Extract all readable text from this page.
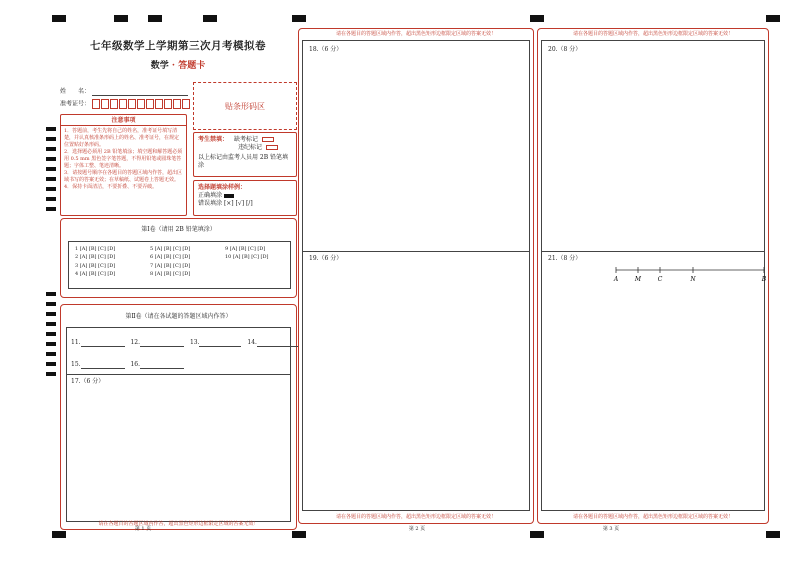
七年级数学上学期第三次月考模拟卷
数学 · 答题卡
姓　　名：
准考证号：	贴条形码区
注意事项
1．答题前，考生先将自己的姓名，准考证号填写清楚，并认真核准条形码上的姓名、准考证号，在规定位置贴好条形码。
2．选择题必须用 2B 铅笔填涂；填空题和解答题必须用 0.5 mm 黑色签字笔答题，不得用铅笔或圆珠笔答题；字体工整、笔迹清晰。
3．请按题号顺序在各题目的答题区域内作答，超出区域书写的答案无效；在草稿纸、试题卷上答题无效。
4．保持卡面清洁，不要折叠、不要弄破。
考生禁填： 缺考标记
违纪标记
以上标记由监考人员用 2B 铅笔填涂
选择题填涂样例：
正确填涂
错误填涂 [×] [√] [/]
第Ⅰ卷（请用 2B 铅笔填涂）
1 [A] [B] [C] [D]	5 [A] [B] [C] [D]	9 [A] [B] [C] [D]
2 [A] [B] [C] [D]	6 [A] [B] [C] [D]	10 [A] [B] [C] [D]
3 [A] [B] [C] [D]	7 [A] [B] [C] [D]
4 [A] [B] [C] [D]	8 [A] [B] [C] [D]
第Ⅱ卷（请在各试题的答题区域内作答）
11.	12.	13.	14.
15.	16.
17.（6 分）
请在各题目的答题区域内作答，超出黑色矩形边框限定区域的答案无效！
第 1 页
请在各题目的答题区域内作答，超出黑色矩形边框限定区域的答案无效！
18.（6 分）
19.（6 分）
请在各题目的答题区域内作答，超出黑色矩形边框限定区域的答案无效！
第 2 页
请在各题目的答题区域内作答，超出黑色矩形边框限定区域的答案无效！
20.（8 分）
21.（8 分）
A	M	C	N	B
请在各题目的答题区域内作答，超出黑色矩形边框限定区域的答案无效！
第 3 页
